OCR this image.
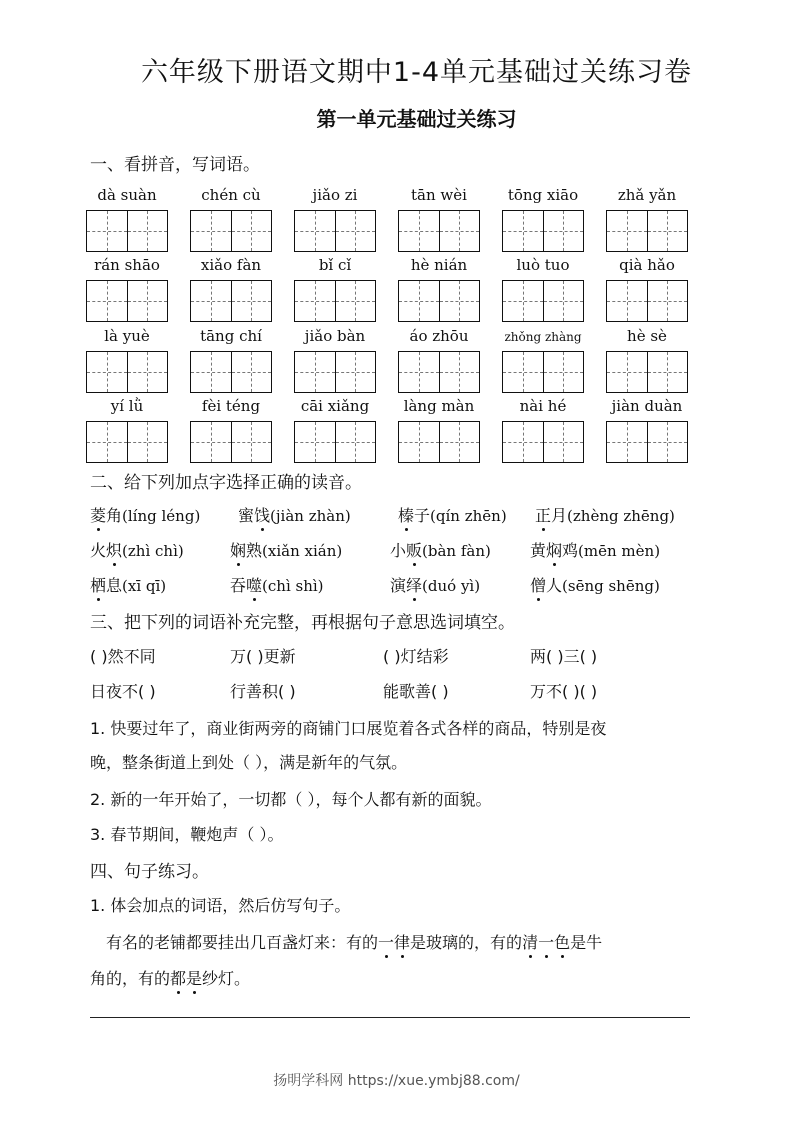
六年级下册语文期中1-4单元基础过关练习卷
第一单元基础过关练习
一、看拼音，写词语。
dà suàn	chén cù	jiǎo zi	tān wèi	tōng xiāo	zhǎ yǎn
rán shāo	xiǎo fàn	bǐ cǐ	hè nián	luò tuo	qià hǎo
là yuè	tāng chí	jiǎo bàn	áo zhōu	zhǒng zhàng	hè sè
yí lǜ	fèi téng	cāi xiǎng	làng màn	nài hé	jiàn duàn
二、给下列加点字选择正确的读音。
菱角(líng léng) 蜜饯(jiàn zhàn)	榛子(qín zhēn) 正月(zhèng zhēng)
火炽(zhì chì)	娴熟(xiǎn xián)	小贩(bàn fàn) 黄焖鸡(mēn mèn)
栖息(xī qī)	吞噬(chì shì)	演绎(duó yì)	僧人(sēng shēng)
三、把下列的词语补充完整，再根据句子意思选词填空。
( )然不同	万( )更新	( )灯结彩	两( )三( )
日夜不( )	行善积( )	能歌善( )	万不( )( )
1. 快要过年了，商业街两旁的商铺门口展览着各式各样的商品，特别是夜
晚，整条街道上到处（ ），满是新年的气氛。
2. 新的一年开始了，一切都（ ），每个人都有新的面貌。
3. 春节期间，鞭炮声（ ）。
四、句子练习。
1. 体会加点的词语，然后仿写句子。
有名的老铺都要挂出几百盏灯来：有的一律是玻璃的，有的清一色是牛
角的，有的都是纱灯。
扬明学科网 https://xue.ymbj88.com/
